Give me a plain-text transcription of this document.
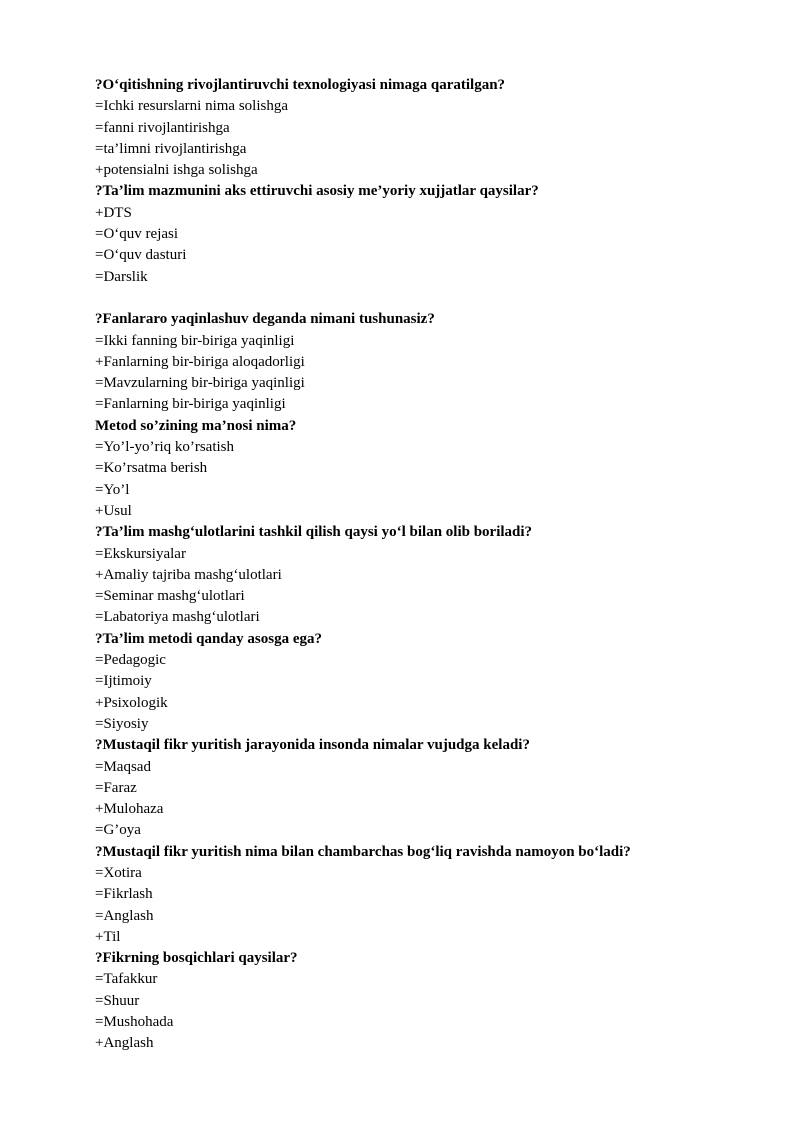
?O‘qitishning rivojlantiruvchi texnologiyasi nimaga qaratilgan?
=Ichki resurslarni nima solishga
=fanni rivojlantirishga
=ta’limni rivojlantirishga
+potensialni ishga solishga
?Ta’lim mazmunini aks ettiruvchi asosiy me’yoriy xujjatlar qaysilar?
+DTS
=O‘quv rejasi
=O‘quv dasturi
=Darslik
?Fanlararo yaqinlashuv deganda nimani tushunasiz?
=Ikki fanning bir-biriga yaqinligi
+Fanlarning bir-biriga aloqadorligi
=Mavzularning bir-biriga yaqinligi
=Fanlarning bir-biriga yaqinligi
Metod so’zining ma’nosi nima?
=Yo’l-yo’riq ko’rsatish
=Ko’rsatma berish
=Yo’l
+Usul
?Ta’lim mashg‘ulotlarini tashkil qilish qaysi yo‘l bilan olib boriladi?
=Ekskursiyalar
+Amaliy tajriba mashg‘ulotlari
=Seminar mashg‘ulotlari
=Labatoriya mashg‘ulotlari
?Ta’lim metodi qanday asosga ega?
=Pedagogic
=Ijtimoiy
+Psixologik
=Siyosiy
?Mustaqil fikr yuritish jarayonida insonda nimalar vujudga keladi?
=Maqsad
=Faraz
+Mulohaza
=G’oya
?Mustaqil fikr yuritish nima bilan chambarchas bog‘liq ravishda namoyon bo‘ladi?
=Xotira
=Fikrlash
=Anglash
+Til
?Fikrning bosqichlari qaysilar?
=Tafakkur
=Shuur
=Mushohada
+Anglash
